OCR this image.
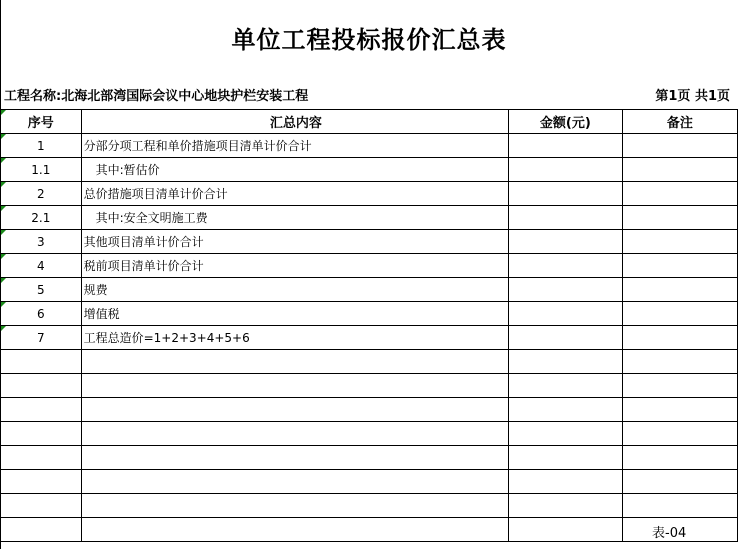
单位工程投标报价汇总表
工程名称:北海北部湾国际会议中心地块护栏安装工程	第1页 共1页
序号	汇总内容	金额(元)	备注

1	分部分项工程和单价措施项目清单计价合计		

1.1	其中:暂估价		

2	总价措施项目清单计价合计		

2.1	其中:安全文明施工费		

3	其他项目清单计价合计		

4	税前项目清单计价合计		

5	规费		

6	增值税		

7	工程总造价=1+2+3+4+5+6		

表-04
